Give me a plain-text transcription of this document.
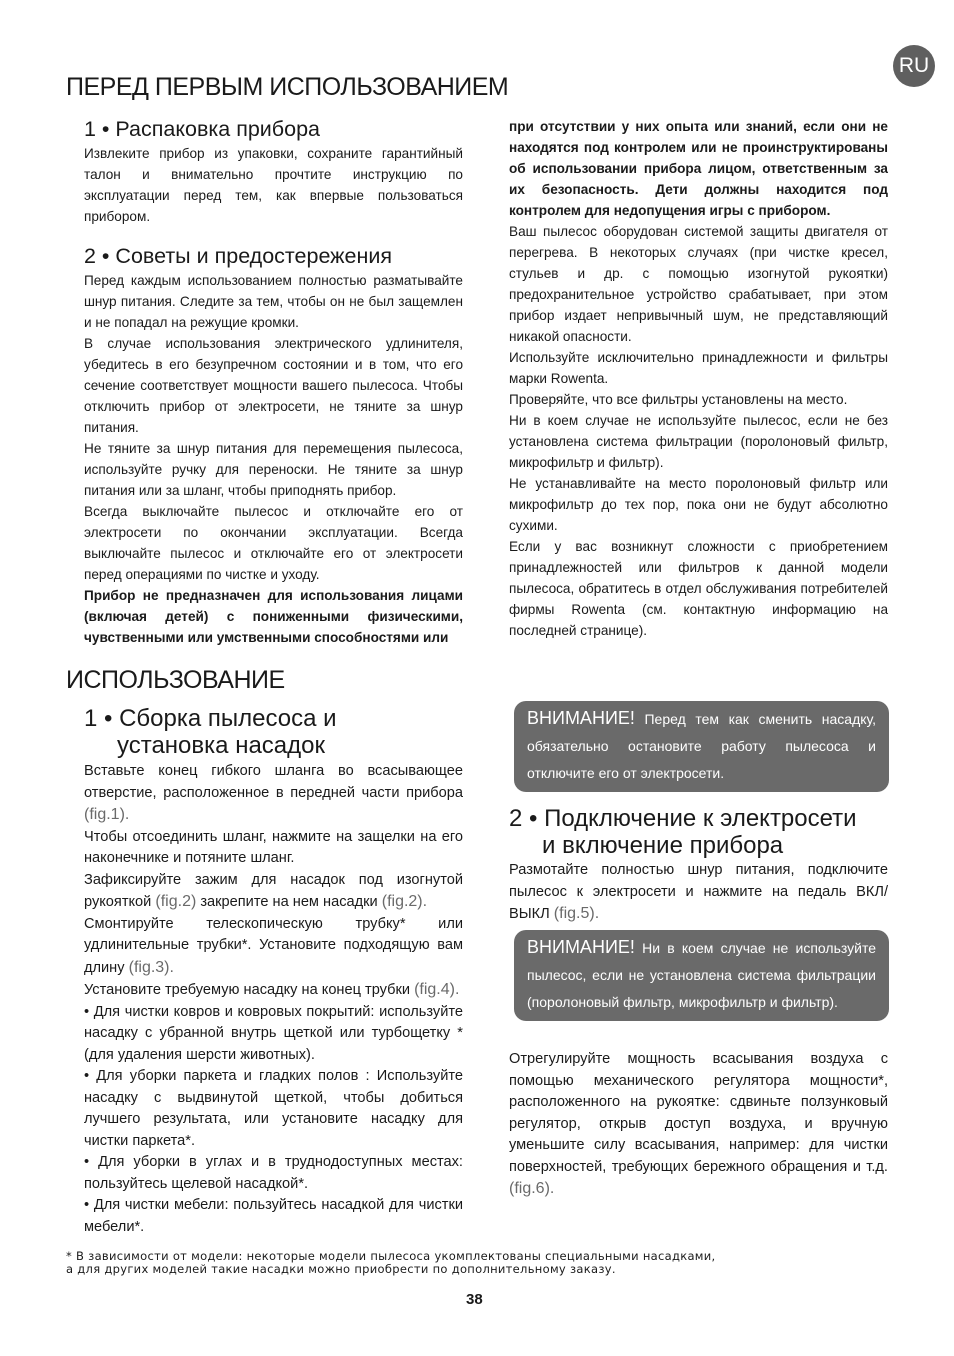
RU
ПЕРЕД ПЕРВЫМ ИСПОЛЬЗОВАНИЕМ
1 • Распаковка прибора

Извлеките прибор из упаковки, сохраните гарантийный талон и внимательно прочтите инструкцию по эксплуатации перед тем, как впервые пользоваться прибором.

2 • Советы и предостережения

Перед каждым использованием полностью разматывайте шнур питания. Следите за тем, чтобы он не был защемлен и не попадал на режущие кромки.

В случае использования электрического удлинителя, убедитесь в его безупречном состоянии и в том, что его сечение соответствует мощности вашего пылесоса. Чтобы отключить прибор от электросети, не тяните за шнур питания.

Не тяните за шнур питания для перемещения пылесоса, используйте ручку для переноски. Не тяните за шнур питания или за шланг, чтобы приподнять прибор.

Всегда выключайте пылесос и отключайте его от электросети по окончании эксплуатации. Всегда выключайте пылесос и отключайте его от электросети перед операциями по чистке и уходу.

Прибор не предназначен для использования лицами (включая детей) с пониженными физическими, чувственными или умственными способностями или

при отсутствии у них опыта или знаний, если они не находятся под контролем или не проинструктированы об использовании прибора лицом, ответственным за их безопасность. Дети должны находится под контролем для недопущения игры с прибором.

Ваш пылесос оборудован системой защиты двигателя от перегрева. В некоторых случаях (при чистке кресел, стульев и др. с помощью изогнутой рукоятки) предохранительное устройство срабатывает, при этом прибор издает непривычный шум, не представляющий никакой опасности.

Используйте исключительно принадлежности и фильтры марки Rowenta.

Проверяйте, что все фильтры установлены на место.

Ни в коем случае не используйте пылесос, если не без установлена система фильтрации (поролоновый фильтр, микрофильтр и фильтр).

Не устанавливайте на место поролоновый фильтр или микрофильтр до тех пор, пока они не будут абсолютно сухими.

Если у вас возникнут сложности с приобретением принадлежностей или фильтров к данной модели пылесоса, обратитесь в отдел обслуживания потребителей фирмы Rowenta (см. контактную информацию на последней странице).

ИСПОЛЬЗОВАНИЕ
1 • Сборка пылесоса и
установка насадок

Вставьте конец гибкого шланга во всасывающее отверстие, расположенное в передней части прибора (fig.1).

Чтобы отсоединить шланг, нажмите на защелки на его наконечнике и потяните шланг.

Зафиксируйте зажим для насадок под изогнутой рукояткой (fig.2) закрепите на нем насадки (fig.2).

Смонтируйте телескопическую трубку* или удлинительные трубки*. Установите подходящую вам длину (fig.3).

Установите требуемую насадку на конец трубки (fig.4).

• Для чистки ковров и ковровых покрытий: используйте насадку с убранной внутрь щеткой или турбощетку * (для удаления шерсти животных).

• Для уборки паркета и гладких полов : Используйте насадку с выдвинутой щеткой, чтобы добиться лучшего результата, или установите насадку для чистки паркета*.

• Для уборки в углах и в труднодоступных местах: пользуйтесь щелевой насадкой*.

• Для чистки мебели: пользуйтесь насадкой для чистки мебели*.

ВНИМАНИЕ! Перед тем как сменить насадку, обязательно остановите работу пылесоса и отключите его от электросети.
2 • Подключение к электросети
и включение прибора

Размотайте полностью шнур питания, подключите пылесос к электросети и нажмите на педаль ВКЛ/ВЫКЛ (fig.5).

ВНИМАНИЕ! Ни в коем случае не используйте пылесос, если не установлена система фильтрации (поролоновый фильтр, микрофильтр и фильтр).

Отрегулируйте мощность всасывания воздуха с помощью механического регулятора мощности*, расположенного на рукоятке: сдвиньте ползунковый регулятор, открыв доступ воздуха, и вручную уменьшите силу всасывания, например: для чистки поверхностей, требующих бережного обращения и т.д. (fig.6).

* В зависимости от модели: некоторые модели пылесоса укомплектованы специальными насадками,
а для других моделей такие насадки можно приобрести по дополнительному заказу.
38
